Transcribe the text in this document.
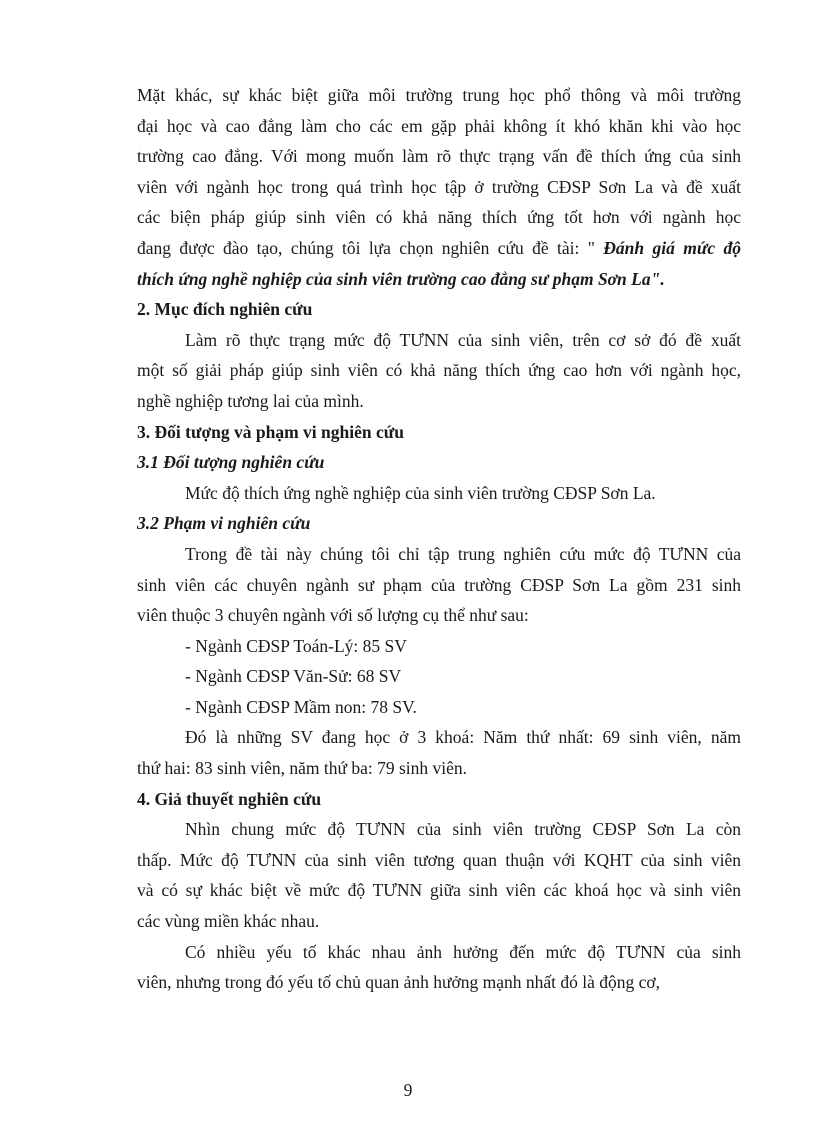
Mặt khác, sự khác biệt giữa môi trường trung học phổ thông và môi trường
đại học và cao đẳng làm cho các em gặp phải không ít khó khăn khi vào học
trường cao đẳng. Với mong muốn làm rõ thực trạng vấn đề thích ứng của sinh
viên với ngành học trong quá trình học tập ở trường CĐSP Sơn La và đề xuất
các biện pháp giúp sinh viên có khả năng thích ứng tốt hơn với ngành học
đang được đào tạo, chúng tôi lựa chọn nghiên cứu đề tài: " Đánh giá mức độ
thích ứng nghề nghiệp của sinh viên trường cao đẳng sư phạm Sơn La".
2. Mục đích nghiên cứu
Làm rõ thực trạng mức độ TƯNN của sinh viên, trên cơ sở đó đề xuất
một số giải pháp giúp sinh viên có khả năng thích ứng cao hơn với ngành học,
nghề nghiệp tương lai của mình.
3. Đối tượng và phạm vi nghiên cứu
3.1 Đối tượng nghiên cứu
Mức độ thích ứng nghề nghiệp của sinh viên trường CĐSP Sơn La.
3.2 Phạm vi nghiên cứu
Trong đề tài này chúng tôi chỉ tập trung nghiên cứu mức độ TƯNN của
sinh viên các chuyên ngành sư phạm của trường CĐSP Sơn La gồm 231 sinh
viên thuộc 3 chuyên ngành với số lượng cụ thể như sau:
- Ngành CĐSP Toán-Lý: 85 SV
- Ngành CĐSP Văn-Sử: 68 SV
- Ngành CĐSP Mầm non: 78 SV.
Đó là những SV đang học ở 3 khoá: Năm thứ nhất: 69 sinh viên, năm
thứ hai: 83 sinh viên, năm thứ ba: 79 sinh viên.
4. Giả thuyết nghiên cứu
Nhìn chung mức độ TƯNN của sinh viên trường CĐSP Sơn La còn
thấp. Mức độ TƯNN của sinh viên tương quan thuận với KQHT của sinh viên
và có sự khác biệt về mức độ TƯNN giữa sinh viên các khoá học và sinh viên
các vùng miền khác nhau.
Có nhiều yếu tố khác nhau ảnh hưởng đến mức độ TƯNN của sinh
viên, nhưng trong đó yếu tố chủ quan ảnh hưởng mạnh nhất đó là động cơ,
9
